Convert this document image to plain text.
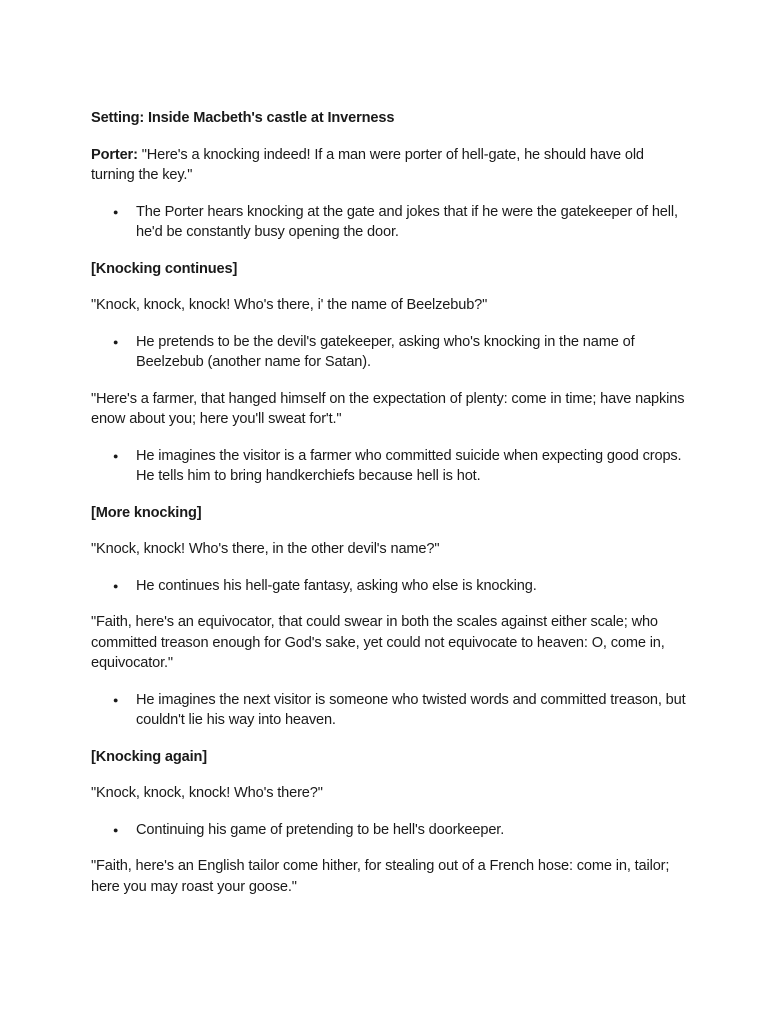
Setting: Inside Macbeth's castle at Inverness

Porter: "Here's a knocking indeed! If a man were porter of hell-gate, he should have old turning the key."

● The Porter hears knocking at the gate and jokes that if he were the gatekeeper of hell, he'd be constantly busy opening the door.

[Knocking continues]

"Knock, knock, knock! Who's there, i' the name of Beelzebub?"

● He pretends to be the devil's gatekeeper, asking who's knocking in the name of Beelzebub (another name for Satan).

"Here's a farmer, that hanged himself on the expectation of plenty: come in time; have napkins enow about you; here you'll sweat for't."

● He imagines the visitor is a farmer who committed suicide when expecting good crops. He tells him to bring handkerchiefs because hell is hot.

[More knocking]

"Knock, knock! Who's there, in the other devil's name?"

● He continues his hell-gate fantasy, asking who else is knocking.

"Faith, here's an equivocator, that could swear in both the scales against either scale; who committed treason enough for God's sake, yet could not equivocate to heaven: O, come in, equivocator."

● He imagines the next visitor is someone who twisted words and committed treason, but couldn't lie his way into heaven.

[Knocking again]

"Knock, knock, knock! Who's there?"

● Continuing his game of pretending to be hell's doorkeeper.

"Faith, here's an English tailor come hither, for stealing out of a French hose: come in, tailor; here you may roast your goose."
